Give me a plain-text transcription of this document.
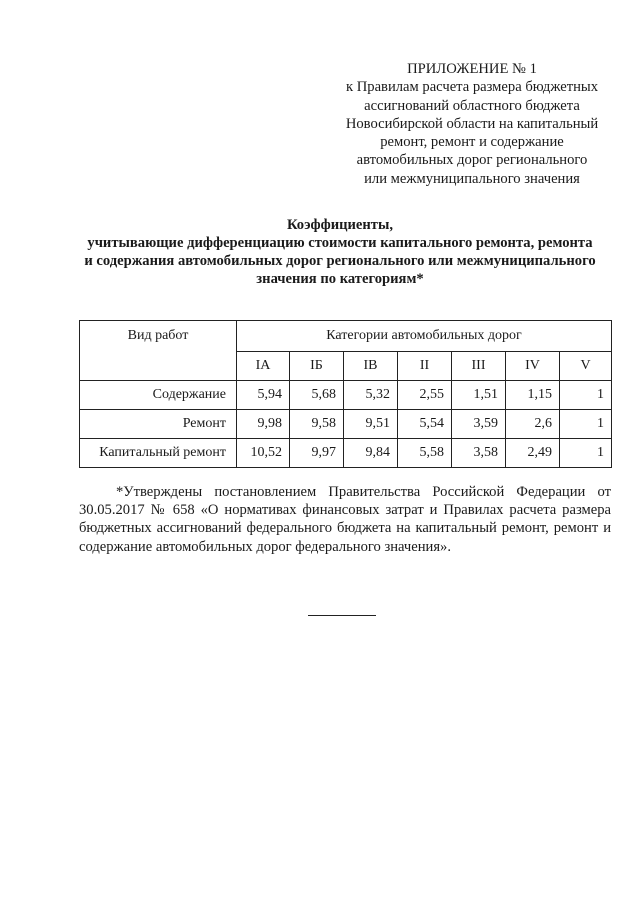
ПРИЛОЖЕНИЕ № 1
к Правилам расчета размера бюджетных
ассигнований областного бюджета
Новосибирской области на капитальный
ремонт, ремонт и содержание
автомобильных дорог регионального
или межмуниципального значения
Коэффициенты,
учитывающие дифференциацию стоимости капитального ремонта, ремонта
и содержания автомобильных дорог регионального или межмуниципального
значения по категориям*
Вид работ	Категории автомобильных дорог						
	IА	IБ	IВ	II	III	IV	V
Содержание	5,94	5,68	5,32	2,55	1,51	1,15	1
Ремонт	9,98	9,58	9,51	5,54	3,59	2,6	1
Капитальный ремонт	10,52	9,97	9,84	5,58	3,58	2,49	1
*Утверждены постановлением Правительства Российской Федерации от 30.05.2017 № 658 «О нормативах финансовых затрат и Правилах расчета размера бюджетных ассигнований федерального бюджета на капитальный ремонт, ремонт и содержание автомобильных дорог федерального значения».
